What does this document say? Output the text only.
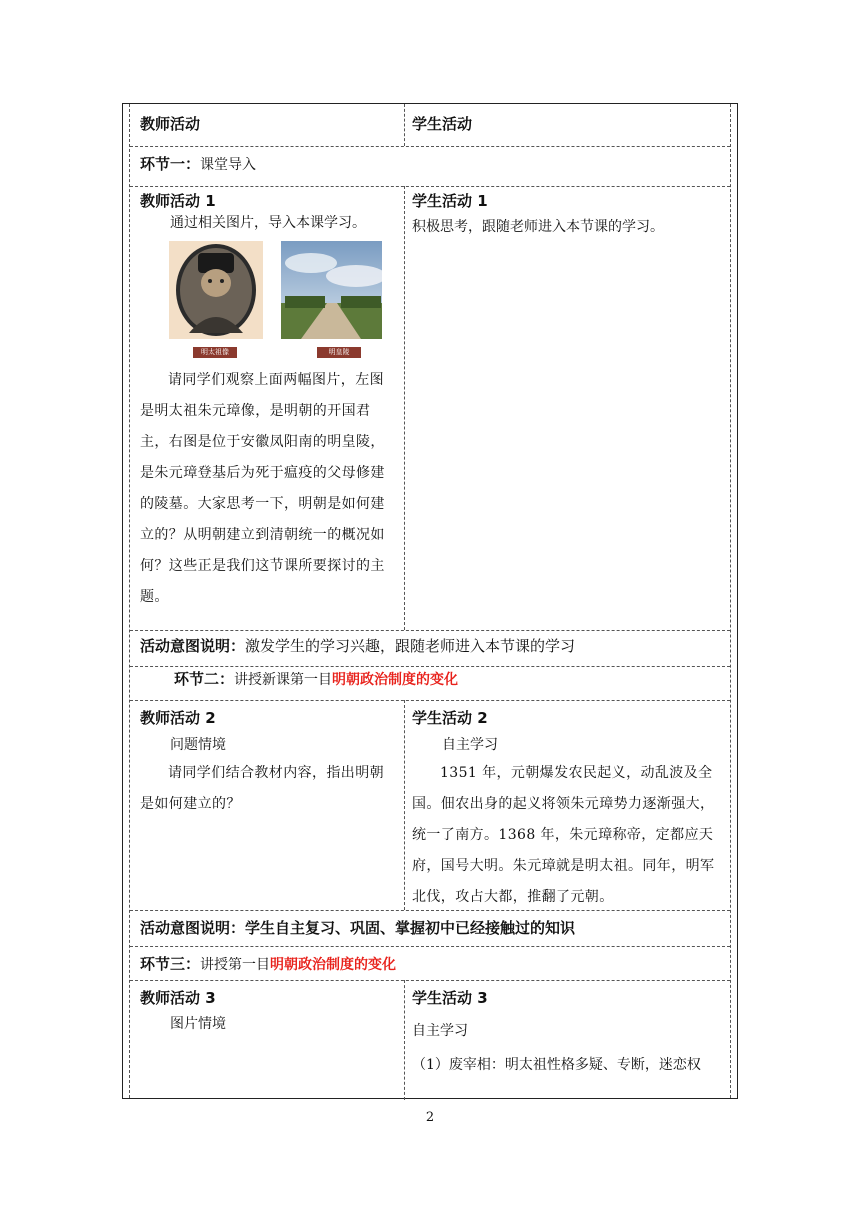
教师活动	学生活动
环节一：课堂导入
教师活动 1
通过相关图片，导入本课学习。
明太祖像	明皇陵
请同学们观察上面两幅图片，左图是明太祖朱元璋像，是明朝的开国君主，右图是位于安徽凤阳南的明皇陵，是朱元璋登基后为死于瘟疫的父母修建的陵墓。大家思考一下，明朝是如何建立的？从明朝建立到清朝统一的概况如何？这些正是我们这节课所要探讨的主题。
学生活动 1
积极思考，跟随老师进入本节课的学习。
活动意图说明：激发学生的学习兴趣，跟随老师进入本节课的学习
环节二：讲授新课第一目明朝政治制度的变化
教师活动 2
问题情境
请同学们结合教材内容，指出明朝是如何建立的？
学生活动 2
自主学习
1351 年，元朝爆发农民起义，动乱波及全国。佃农出身的起义将领朱元璋势力逐渐强大，统一了南方。1368 年，朱元璋称帝，定都应天府，国号大明。朱元璋就是明太祖。同年，明军北伐，攻占大都，推翻了元朝。
活动意图说明：学生自主复习、巩固、掌握初中已经接触过的知识
环节三：讲授第一目明朝政治制度的变化
教师活动 3
图片情境
学生活动 3
自主学习
（1）废宰相：明太祖性格多疑、专断，迷恋权
2
